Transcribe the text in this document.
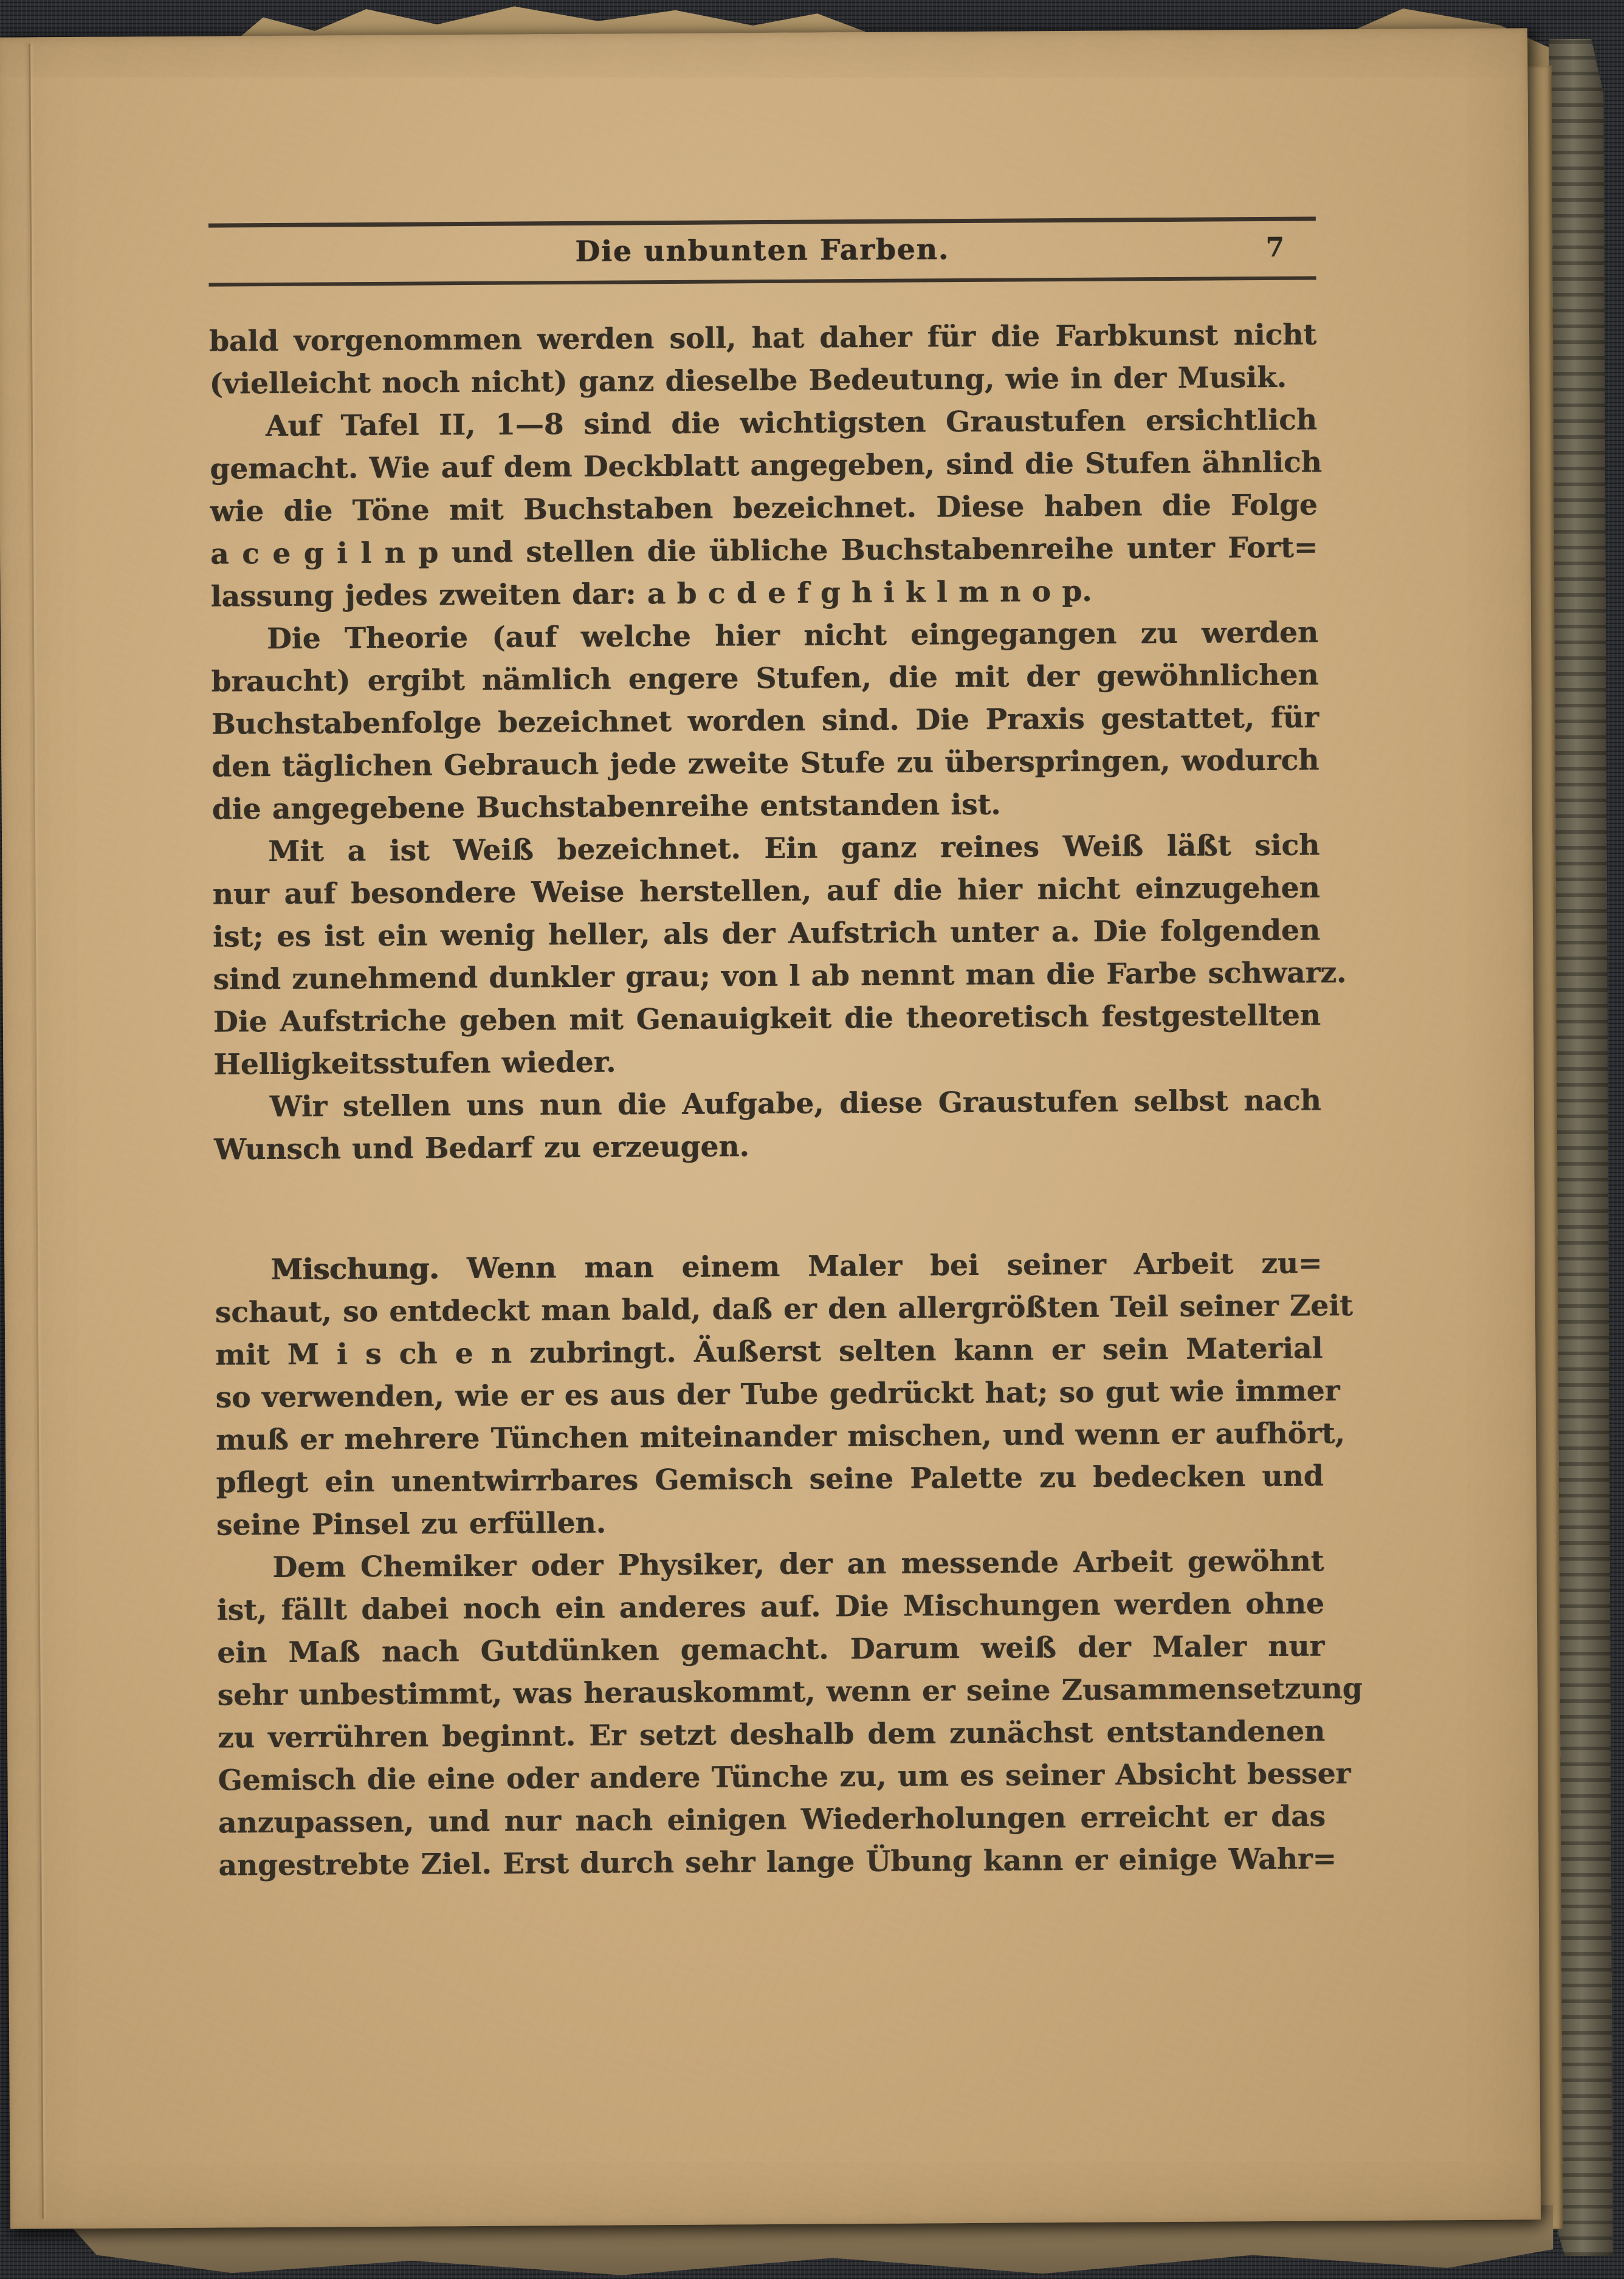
Die unbunten Farben.	7
bald vorgenommen werden soll, hat daher für die Farbkunst nicht
(vielleicht noch nicht) ganz dieselbe Bedeutung, wie in der Musik.
Auf Tafel II, 1—8 sind die wichtigsten Graustufen ersichtlich
gemacht. Wie auf dem Deckblatt angegeben, sind die Stufen ähnlich
wie die Töne mit Buchstaben bezeichnet. Diese haben die Folge
a c e g i l n p und stellen die übliche Buchstabenreihe unter Fort=
lassung jedes zweiten dar: a b c d e f g h i k l m n o p.
Die Theorie (auf welche hier nicht eingegangen zu werden
braucht) ergibt nämlich engere Stufen, die mit der gewöhnlichen
Buchstabenfolge bezeichnet worden sind. Die Praxis gestattet, für
den täglichen Gebrauch jede zweite Stufe zu überspringen, wodurch
die angegebene Buchstabenreihe entstanden ist.
Mit a ist Weiß bezeichnet. Ein ganz reines Weiß läßt sich
nur auf besondere Weise herstellen, auf die hier nicht einzugehen
ist; es ist ein wenig heller, als der Aufstrich unter a. Die folgenden
sind zunehmend dunkler grau; von l ab nennt man die Farbe schwarz.
Die Aufstriche geben mit Genauigkeit die theoretisch festgestellten
Helligkeitsstufen wieder.
Wir stellen uns nun die Aufgabe, diese Graustufen selbst nach
Wunsch und Bedarf zu erzeugen.
Mischung. Wenn man einem Maler bei seiner Arbeit zu=
schaut, so entdeckt man bald, daß er den allergrößten Teil seiner Zeit
mit M i s ch e n zubringt. Äußerst selten kann er sein Material
so verwenden, wie er es aus der Tube gedrückt hat; so gut wie immer
muß er mehrere Tünchen miteinander mischen, und wenn er aufhört,
pflegt ein unentwirrbares Gemisch seine Palette zu bedecken und
seine Pinsel zu erfüllen.
Dem Chemiker oder Physiker, der an messende Arbeit gewöhnt
ist, fällt dabei noch ein anderes auf. Die Mischungen werden ohne
ein Maß nach Gutdünken gemacht. Darum weiß der Maler nur
sehr unbestimmt, was herauskommt, wenn er seine Zusammensetzung
zu verrühren beginnt. Er setzt deshalb dem zunächst entstandenen
Gemisch die eine oder andere Tünche zu, um es seiner Absicht besser
anzupassen, und nur nach einigen Wiederholungen erreicht er das
angestrebte Ziel. Erst durch sehr lange Übung kann er einige Wahr=
